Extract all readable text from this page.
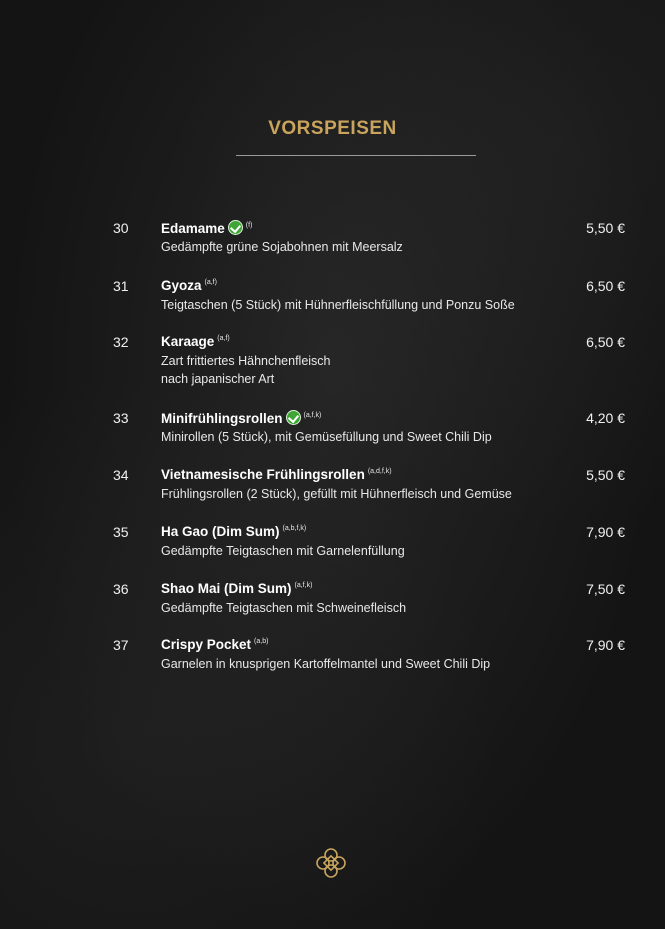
VORSPEISEN
30 Edamame	$^{(f)}$
Gedämpfte grüne Sojabohnen mit Meersalz
5,50 €
31 Gyoza $^{(a,f)}$
Teigtaschen (5 Stück) mit Hühnerfleischfüllung und Ponzu Soße
6,50 €
32 Karaage $^{(a,f)}$
Zart frittiertes Hähnchenfleisch
nach japanischer Art
6,50 €
33 Minifrühlingsrollen	$^{(a,f,k)}$
Minirollen (5 Stück), mit Gemüsefüllung und Sweet Chili Dip
4,20 €
34 Vietnamesische Frühlingsrollen $^{(a,d,f,k)}$
Frühlingsrollen (2 Stück), gefüllt mit Hühnerfleisch und Gemüse
5,50 €
35 Ha Gao (Dim Sum) $^{(a,b,f,k)}$
Gedämpfte Teigtaschen mit Garnelenfüllung
7,90 €
36 Shao Mai (Dim Sum) $^{(a,f,k)}$
Gedämpfte Teigtaschen mit Schweinefleisch
7,50 €
37 Crispy Pocket $^{(a,b)}$
Garnelen in knusprigen Kartoffelmantel und Sweet Chili Dip
7,90 €
